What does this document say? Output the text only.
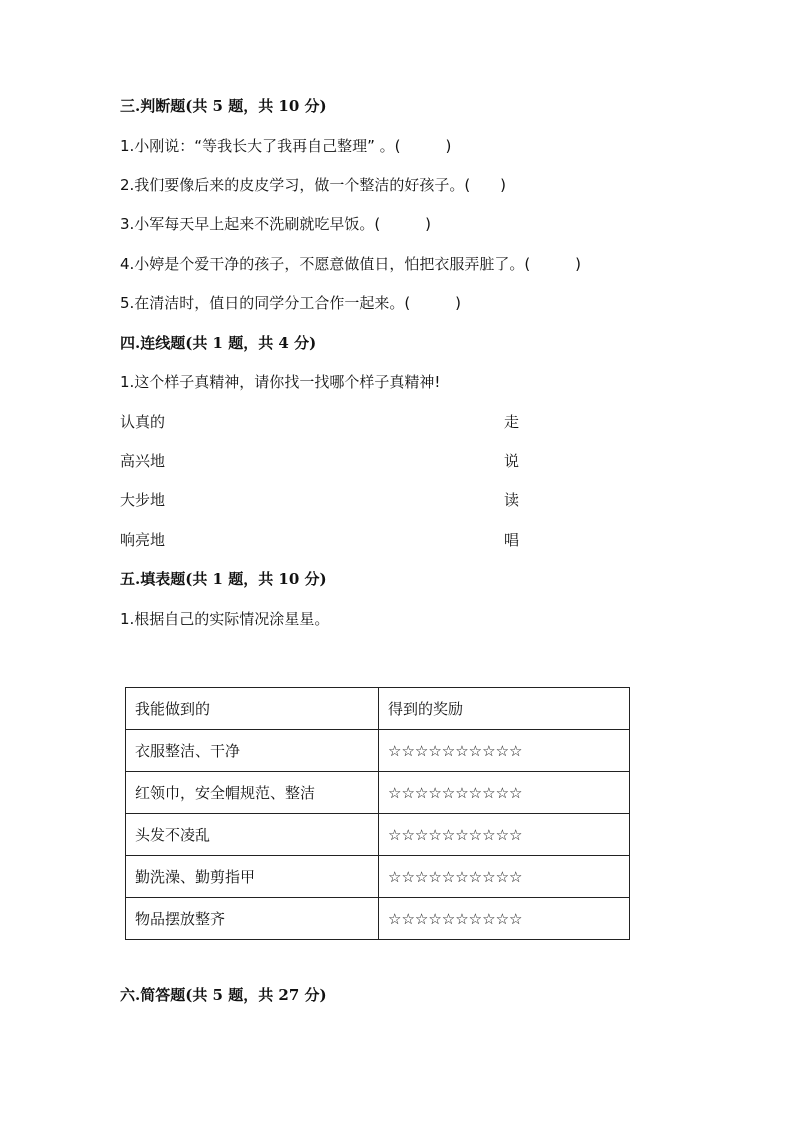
三.判断题(共 5 题，共 10 分)
1.小刚说：“等我长大了我再自己整理” 。(　　　)
2.我们要像后来的皮皮学习，做一个整洁的好孩子。(　　)
3.小军每天早上起来不洗刷就吃早饭。(　　　)
4.小婷是个爱干净的孩子，不愿意做值日，怕把衣服弄脏了。(　　　)
5.在清洁时，值日的同学分工合作一起来。(　　　)
四.连线题(共 1 题，共 4 分)
1.这个样子真精神，请你找一找哪个样子真精神!
认真的
高兴地
大步地
响亮地
走
说
读
唱
五.填表题(共 1 题，共 10 分)
1.根据自己的实际情况涂星星。
我能做到的	得到的奖励
衣服整洁、干净	☆☆☆☆☆☆☆☆☆☆
红领巾，安全帽规范、整洁	☆☆☆☆☆☆☆☆☆☆
头发不凌乱	☆☆☆☆☆☆☆☆☆☆
勤洗澡、勤剪指甲	☆☆☆☆☆☆☆☆☆☆
物品摆放整齐	☆☆☆☆☆☆☆☆☆☆
六.简答题(共 5 题，共 27 分)
